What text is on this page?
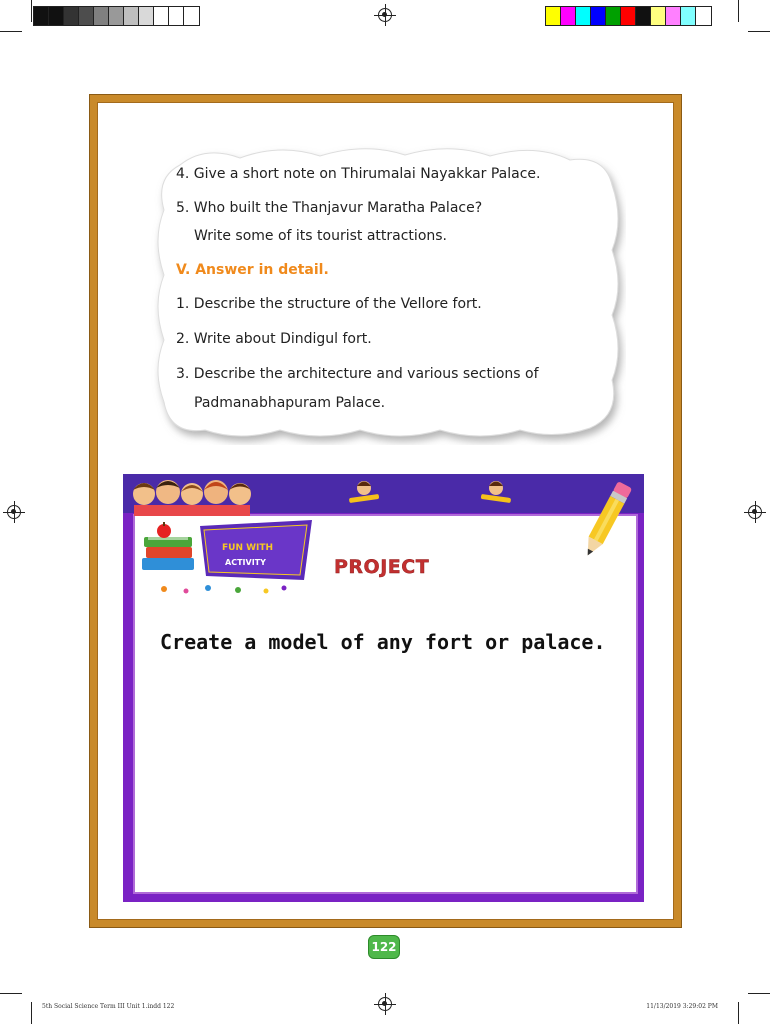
4. Give a short note on Thirumalai Nayakkar Palace.
5. Who built the Thanjavur Maratha Palace?
Write some of its tourist attractions.
V. Answer in detail.
1. Describe the structure of the Vellore fort.
2. Write about Dindigul fort.
3. Describe the architecture and various sections of
Padmanabhapuram Palace.
FUN WITH
ACTIVITY	PROJECT
Create a model of any fort or palace.
122
5th Social Science Term III Unit 1.indd 122	11/13/2019 3:29:02 PM
